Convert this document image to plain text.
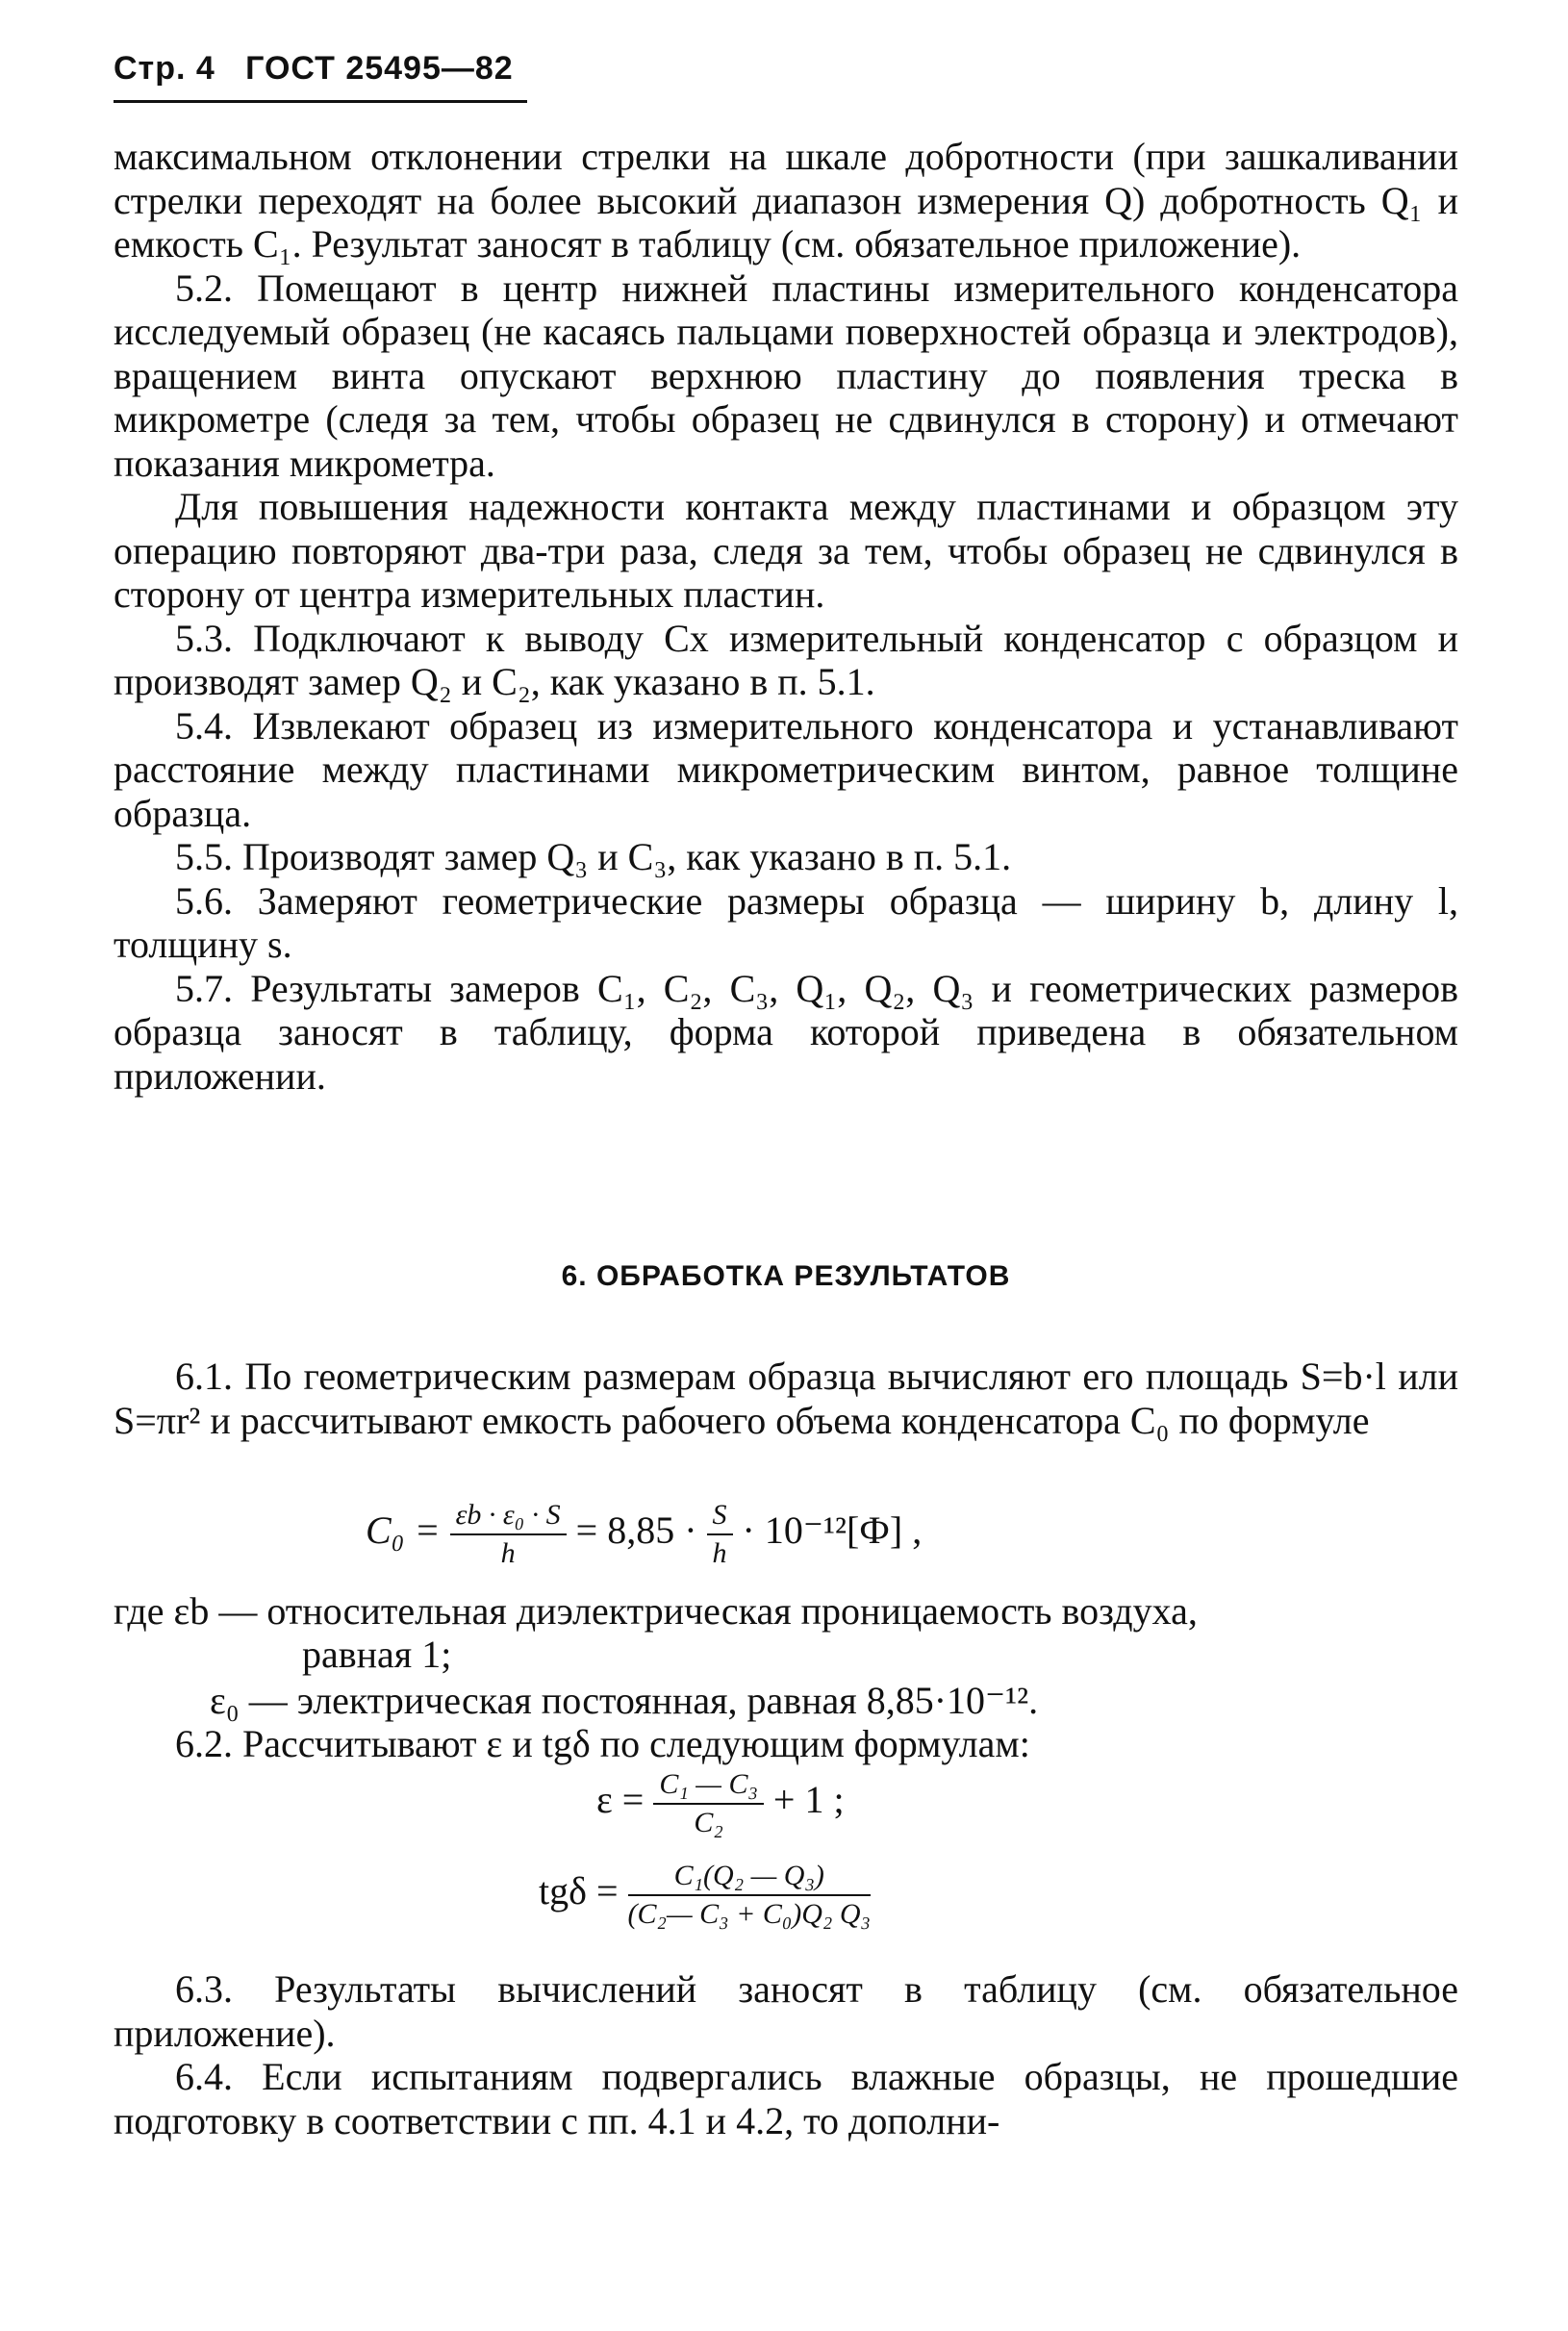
Стр. 4 ГОСТ 25495—82

максимальном отклонении стрелки на шкале добротности (при зашкаливании стрелки переходят на более высокий диапазон измерения Q) добротность Q₁ и емкость C₁. Результат заносят в таблицу (см. обязательное приложение).

5.2. Помещают в центр нижней пластины измерительного конденсатора исследуемый образец (не касаясь пальцами поверхностей образца и электродов), вращением винта опускают верхнюю пластину до появления треска в микрометре (следя за тем, чтобы образец не сдвинулся в сторону) и отмечают показания микрометра.

Для повышения надежности контакта между пластинами и образцом эту операцию повторяют два-три раза, следя за тем, чтобы образец не сдвинулся в сторону от центра измерительных пластин.

5.3. Подключают к выводу Cx измерительный конденсатор с образцом и производят замер Q₂ и C₂, как указано в п. 5.1.

5.4. Извлекают образец из измерительного конденсатора и устанавливают расстояние между пластинами микрометрическим винтом, равное толщине образца.

5.5. Производят замер Q₃ и C₃, как указано в п. 5.1.

5.6. Замеряют геометрические размеры образца — ширину b, длину l, толщину s.

5.7. Результаты замеров C₁, C₂, C₃, Q₁, Q₂, Q₃ и геометрических размеров образца заносят в таблицу, форма которой приведена в обязательном приложении.

6. ОБРАБОТКА РЕЗУЛЬТАТОВ

6.1. По геометрическим размерам образца вычисляют его площадь S=b·l или S=πr² и рассчитывают емкость рабочего объема конденсатора C₀ по формуле

$C_0 = \frac{\text{εb · ε₀ · S}}{h} = 8,85 \cdot \frac{S}{h} \cdot 10^{-12}[Ф]$ ,
где εb — относительная диэлектрическая проницаемость воздуха,
равная 1;
ε₀ — электрическая постоянная, равная 8,85·10⁻¹².

6.2. Рассчитывают ε и tgδ по следующим формулам:

$\varepsilon = \frac{\text{C₁ — C₃}}{\text{C₂}} + 1$ ;
$tg\delta = \frac{\text{C₁(Q₂ — Q₃)}}{\text{(C₂— C₃ + C₀)Q₂ Q₃}}$

6.3. Результаты вычислений заносят в таблицу (см. обязательное приложение).

6.4. Если испытаниям подвергались влажные образцы, не прошедшие подготовку в соответствии с пп. 4.1 и 4.2, то дополни-
